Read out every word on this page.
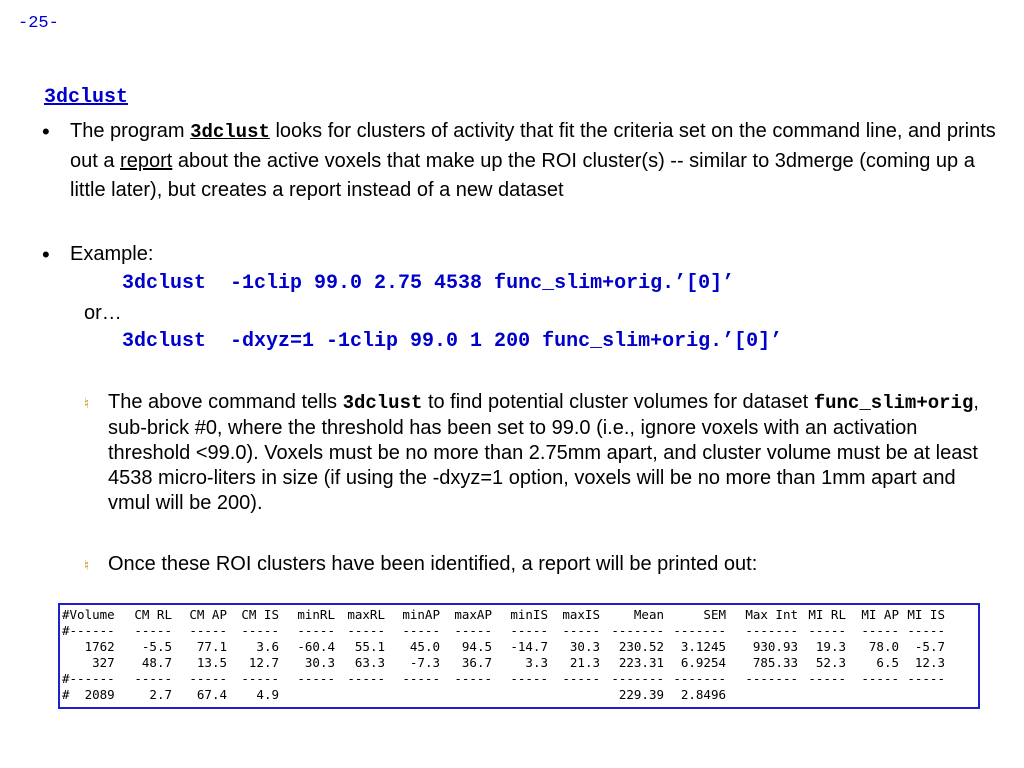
-25-
3dclust
• The program 3dclust looks for clusters of activity that fit the criteria set on the command line, and prints out a report about the active voxels that make up the ROI cluster(s) -- similar to 3dmerge (coming up a little later), but creates a report instead of a new dataset
• Example:
3dclust  -1clip 99.0 2.75 4538 func_slim+orig.’[0]’
or…
3dclust  -dxyz=1 -1clip 99.0 1 200 func_slim+orig.’[0]’
♮ The above command tells 3dclust to find potential cluster volumes for dataset func_slim+orig, sub-brick #0, where the threshold has been set to 99.0 (i.e., ignore voxels with an activation threshold <99.0). Voxels must be no more than 2.75mm apart, and cluster volume must be at least 4538 micro-liters in size (if using the -dxyz=1 option, voxels will be no more than 1mm apart and vmul will be 200).
♮ Once these ROI clusters have been identified, a report will be printed out:
#Volume	CM RL	CM AP	CM IS	minRL	maxRL	minAP	maxAP	minIS	maxIS	Mean	SEM	Max Int	MI RL	MI AP	MI IS
#------	-----	-----	-----	-----	-----	-----	-----	-----	-----	-------	-------	-------	-----	-----	-----
1762	-5.5	77.1	3.6	-60.4	55.1	45.0	94.5	-14.7	30.3	230.52	3.1245	930.93	19.3	78.0	-5.7
327	48.7	13.5	12.7	30.3	63.3	-7.3	36.7	3.3	21.3	223.31	6.9254	785.33	52.3	6.5	12.3
#------	-----	-----	-----	-----	-----	-----	-----	-----	-----	-------	-------	-------	-----	-----	-----
#  2089	2.7	67.4	4.9							229.39	2.8496				
